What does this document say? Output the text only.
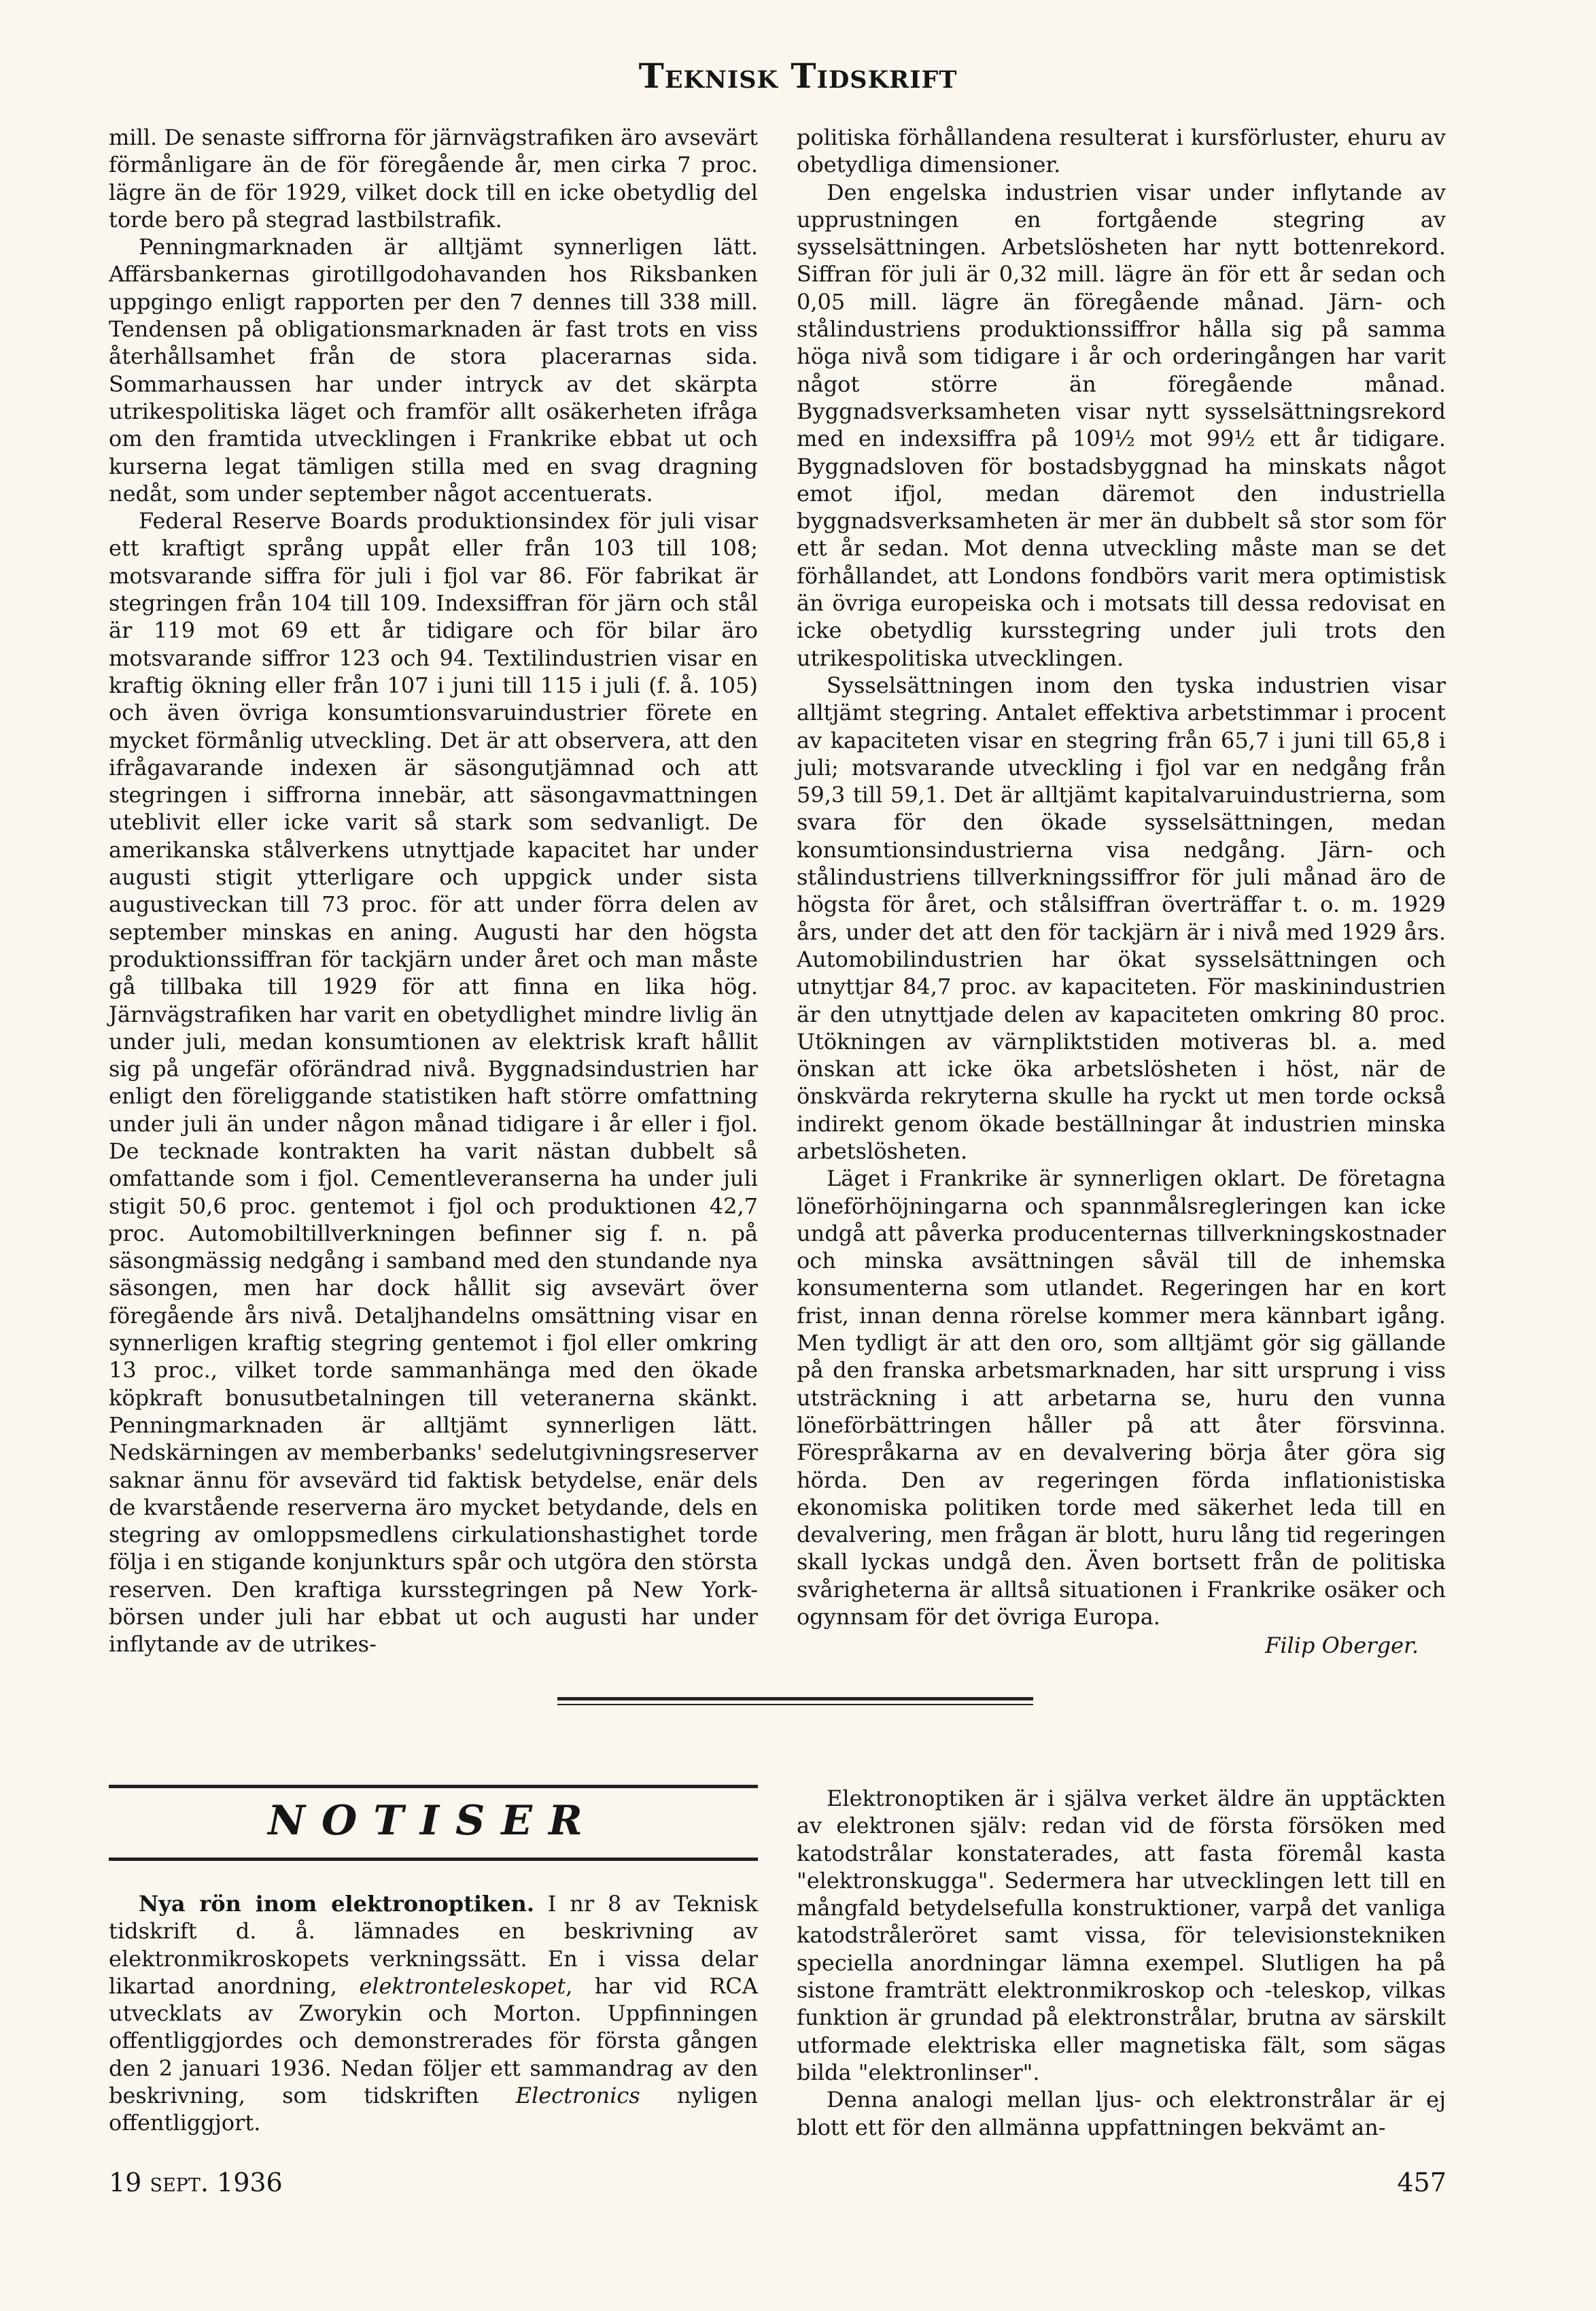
Teknisk Tidskrift

mill. De senaste siffrorna för järnvägstrafiken äro avsevärt förmånligare än de för föregående år, men cirka 7 proc. lägre än de för 1929, vilket dock till en icke obetydlig del torde bero på stegrad lastbilstrafik.

Penningmarknaden är alltjämt synnerligen lätt. Affärsbankernas girotillgodohavanden hos Riksbanken uppgingo enligt rapporten per den 7 dennes till 338 mill. Tendensen på obligationsmarknaden är fast trots en viss återhållsamhet från de stora placerarnas sida. Sommarhaussen har under intryck av det skärpta utrikespolitiska läget och framför allt osäkerheten ifråga om den framtida utvecklingen i Frankrike ebbat ut och kurserna legat tämligen stilla med en svag dragning nedåt, som under september något accentuerats.

Federal Reserve Boards produktionsindex för juli visar ett kraftigt språng uppåt eller från 103 till 108; motsvarande siffra för juli i fjol var 86. För fabrikat är stegringen från 104 till 109. Indexsiffran för järn och stål är 119 mot 69 ett år tidigare och för bilar äro motsvarande siffror 123 och 94. Textilindustrien visar en kraftig ökning eller från 107 i juni till 115 i juli (f. å. 105) och även övriga konsumtionsvaruindustrier förete en mycket förmånlig utveckling. Det är att observera, att den ifrågavarande indexen är säsongutjämnad och att stegringen i siffrorna innebär, att säsongavmattningen uteblivit eller icke varit så stark som sedvanligt. De amerikanska stålverkens utnyttjade kapacitet har under augusti stigit ytterligare och uppgick under sista augustiveckan till 73 proc. för att under förra delen av september minskas en aning. Augusti har den högsta produktionssiffran för tackjärn under året och man måste gå tillbaka till 1929 för att finna en lika hög. Järnvägstrafiken har varit en obetydlighet mindre livlig än under juli, medan konsumtionen av elektrisk kraft hållit sig på ungefär oförändrad nivå. Byggnadsindustrien har enligt den föreliggande statistiken haft större omfattning under juli än under någon månad tidigare i år eller i fjol. De tecknade kontrakten ha varit nästan dubbelt så omfattande som i fjol. Cementleveranserna ha under juli stigit 50,6 proc. gentemot i fjol och produktionen 42,7 proc. Automobiltillverkningen befinner sig f. n. på säsongmässig nedgång i samband med den stundande nya säsongen, men har dock hållit sig avsevärt över föregående års nivå. Detaljhandelns omsättning visar en synnerligen kraftig stegring gentemot i fjol eller omkring 13 proc., vilket torde sammanhänga med den ökade köpkraft bonusutbetalningen till veteranerna skänkt. Penningmarknaden är alltjämt synnerligen lätt. Nedskärningen av memberbanks' sedelutgivningsreserver saknar ännu för avsevärd tid faktisk betydelse, enär dels de kvarstående reserverna äro mycket betydande, dels en stegring av omloppsmedlens cirkulationshastighet torde följa i en stigande konjunkturs spår och utgöra den största reserven. Den kraftiga kursstegringen på New York-börsen under juli har ebbat ut och augusti har under inflytande av de utrikes-

politiska förhållandena resulterat i kursförluster, ehuru av obetydliga dimensioner.

Den engelska industrien visar under inflytande av upprustningen en fortgående stegring av sysselsättningen. Arbetslösheten har nytt bottenrekord. Siffran för juli är 0,32 mill. lägre än för ett år sedan och 0,05 mill. lägre än föregående månad. Järn- och stålindustriens produktionssiffror hålla sig på samma höga nivå som tidigare i år och orderingången har varit något större än föregående månad. Byggnadsverksamheten visar nytt sysselsättningsrekord med en indexsiffra på 109½ mot 99½ ett år tidigare. Byggnadsloven för bostadsbyggnad ha minskats något emot ifjol, medan däremot den industriella byggnadsverksamheten är mer än dubbelt så stor som för ett år sedan. Mot denna utveckling måste man se det förhållandet, att Londons fondbörs varit mera optimistisk än övriga europeiska och i motsats till dessa redovisat en icke obetydlig kursstegring under juli trots den utrikespolitiska utvecklingen.

Sysselsättningen inom den tyska industrien visar alltjämt stegring. Antalet effektiva arbetstimmar i procent av kapaciteten visar en stegring från 65,7 i juni till 65,8 i juli; motsvarande utveckling i fjol var en nedgång från 59,3 till 59,1. Det är alltjämt kapitalvaruindustrierna, som svara för den ökade sysselsättningen, medan konsumtionsindustrierna visa nedgång. Järn- och stålindustriens tillverkningssiffror för juli månad äro de högsta för året, och stålsiffran överträffar t. o. m. 1929 års, under det att den för tackjärn är i nivå med 1929 års. Automobilindustrien har ökat sysselsättningen och utnyttjar 84,7 proc. av kapaciteten. För maskinindustrien är den utnyttjade delen av kapaciteten omkring 80 proc. Utökningen av värnpliktstiden motiveras bl. a. med önskan att icke öka arbetslösheten i höst, när de önskvärda rekryterna skulle ha ryckt ut men torde också indirekt genom ökade beställningar åt industrien minska arbetslösheten.

Läget i Frankrike är synnerligen oklart. De företagna löneförhöjningarna och spannmålsregleringen kan icke undgå att påverka producenternas tillverkningskostnader och minska avsättningen såväl till de inhemska konsumenterna som utlandet. Regeringen har en kort frist, innan denna rörelse kommer mera kännbart igång. Men tydligt är att den oro, som alltjämt gör sig gällande på den franska arbetsmarknaden, har sitt ursprung i viss utsträckning i att arbetarna se, huru den vunna löneförbättringen håller på att åter försvinna. Förespråkarna av en devalvering börja åter göra sig hörda. Den av regeringen förda inflationistiska ekonomiska politiken torde med säkerhet leda till en devalvering, men frågan är blott, huru lång tid regeringen skall lyckas undgå den. Även bortsett från de politiska svårigheterna är alltså situationen i Frankrike osäker och ogynnsam för det övriga Europa.

Filip Oberger.
NOTISER

Nya rön inom elektronoptiken. I nr 8 av Teknisk tidskrift d. å. lämnades en beskrivning av elektronmikroskopets verkningssätt. En i vissa delar likartad anordning, elektronteleskopet, har vid RCA utvecklats av Zworykin och Morton. Uppfinningen offentliggjordes och demonstrerades för första gången den 2 januari 1936. Nedan följer ett sammandrag av den beskrivning, som tidskriften Electronics nyligen offentliggjort.

Elektronoptiken är i själva verket äldre än upptäckten av elektronen själv: redan vid de första försöken med katodstrålar konstaterades, att fasta föremål kasta "elektronskugga". Sedermera har utvecklingen lett till en mångfald betydelsefulla konstruktioner, varpå det vanliga katodstråleröret samt vissa, för televisionstekniken speciella anordningar lämna exempel. Slutligen ha på sistone framträtt elektronmikroskop och -teleskop, vilkas funktion är grundad på elektronstrålar, brutna av särskilt utformade elektriska eller magnetiska fält, som sägas bilda "elektronlinser".

Denna analogi mellan ljus- och elektronstrålar är ej blott ett för den allmänna uppfattningen bekvämt an-

19 sept. 1936	457
